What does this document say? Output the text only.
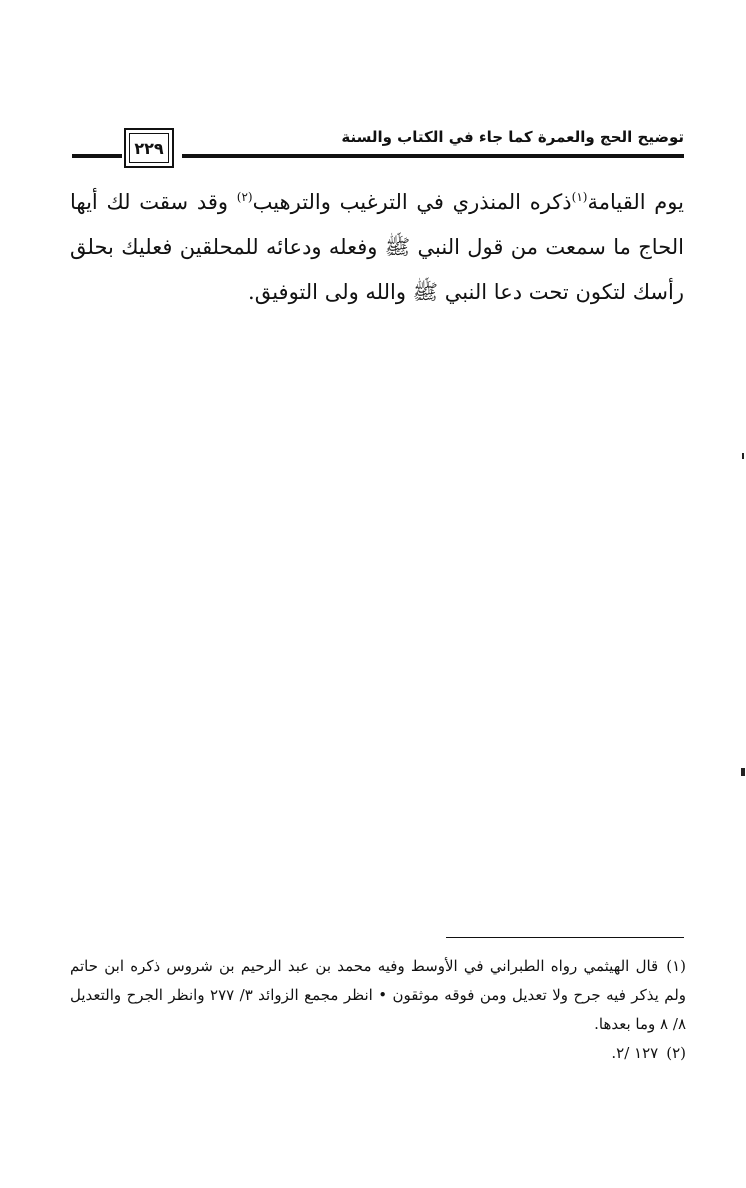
توضيح الحج والعمرة كما جاء في الكتاب والسنة
٢٢٩

يوم القيامة$^{(١)}$ذكره المنذري في الترغيب والترهيب$^{(٢)}$ وقد سقت لك أيها الحاج ما سمعت من قول النبي ﷺ وفعله ودعائه للمحلقين فعليك بحلق رأسك لتكون تحت دعا النبي ﷺ والله ولى التوفيق.

(١)قال الهيثمي رواه الطبراني في الأوسط وفيه محمد بن عبد الرحيم بن شروس ذكره ابن حاتم ولم يذكر فيه جرح ولا تعديل ومن فوقه موثقون • انظر مجمع الزوائد ٣/ ٢٧٧ وانظر الجرح والتعديل ٨/ ٨ وما بعدها.

(٢)١٢٧ /٢.
